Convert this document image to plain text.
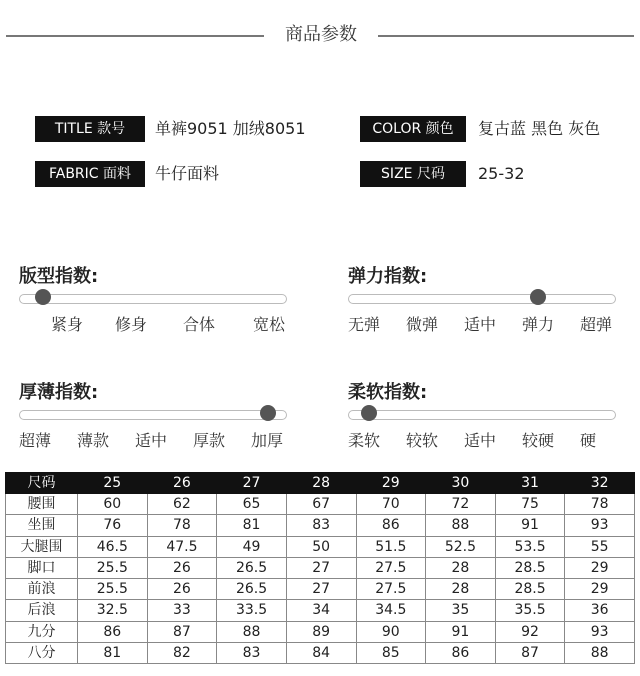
商品参数
TITLE 款号	单裤9051 加绒8051	COLOR 颜色	复古蓝 黑色 灰色
FABRIC 面料	牛仔面料	SIZE 尺码	25-32
版型指数:
紧身 修身 合体 宽松
弹力指数:
无弹 微弹 适中 弹力 超弹
厚薄指数:
超薄 薄款 适中 厚款 加厚
柔软指数:
柔软 较软 适中 较硬 硬
尺码	25	26	27	28	29	30	31	32
腰围	60	62	65	67	70	72	75	78
坐围	76	78	81	83	86	88	91	93
大腿围	46.5	47.5	49	50	51.5	52.5	53.5	55
脚口	25.5	26	26.5	27	27.5	28	28.5	29
前浪	25.5	26	26.5	27	27.5	28	28.5	29
后浪	32.5	33	33.5	34	34.5	35	35.5	36
九分	86	87	88	89	90	91	92	93
八分	81	82	83	84	85	86	87	88
